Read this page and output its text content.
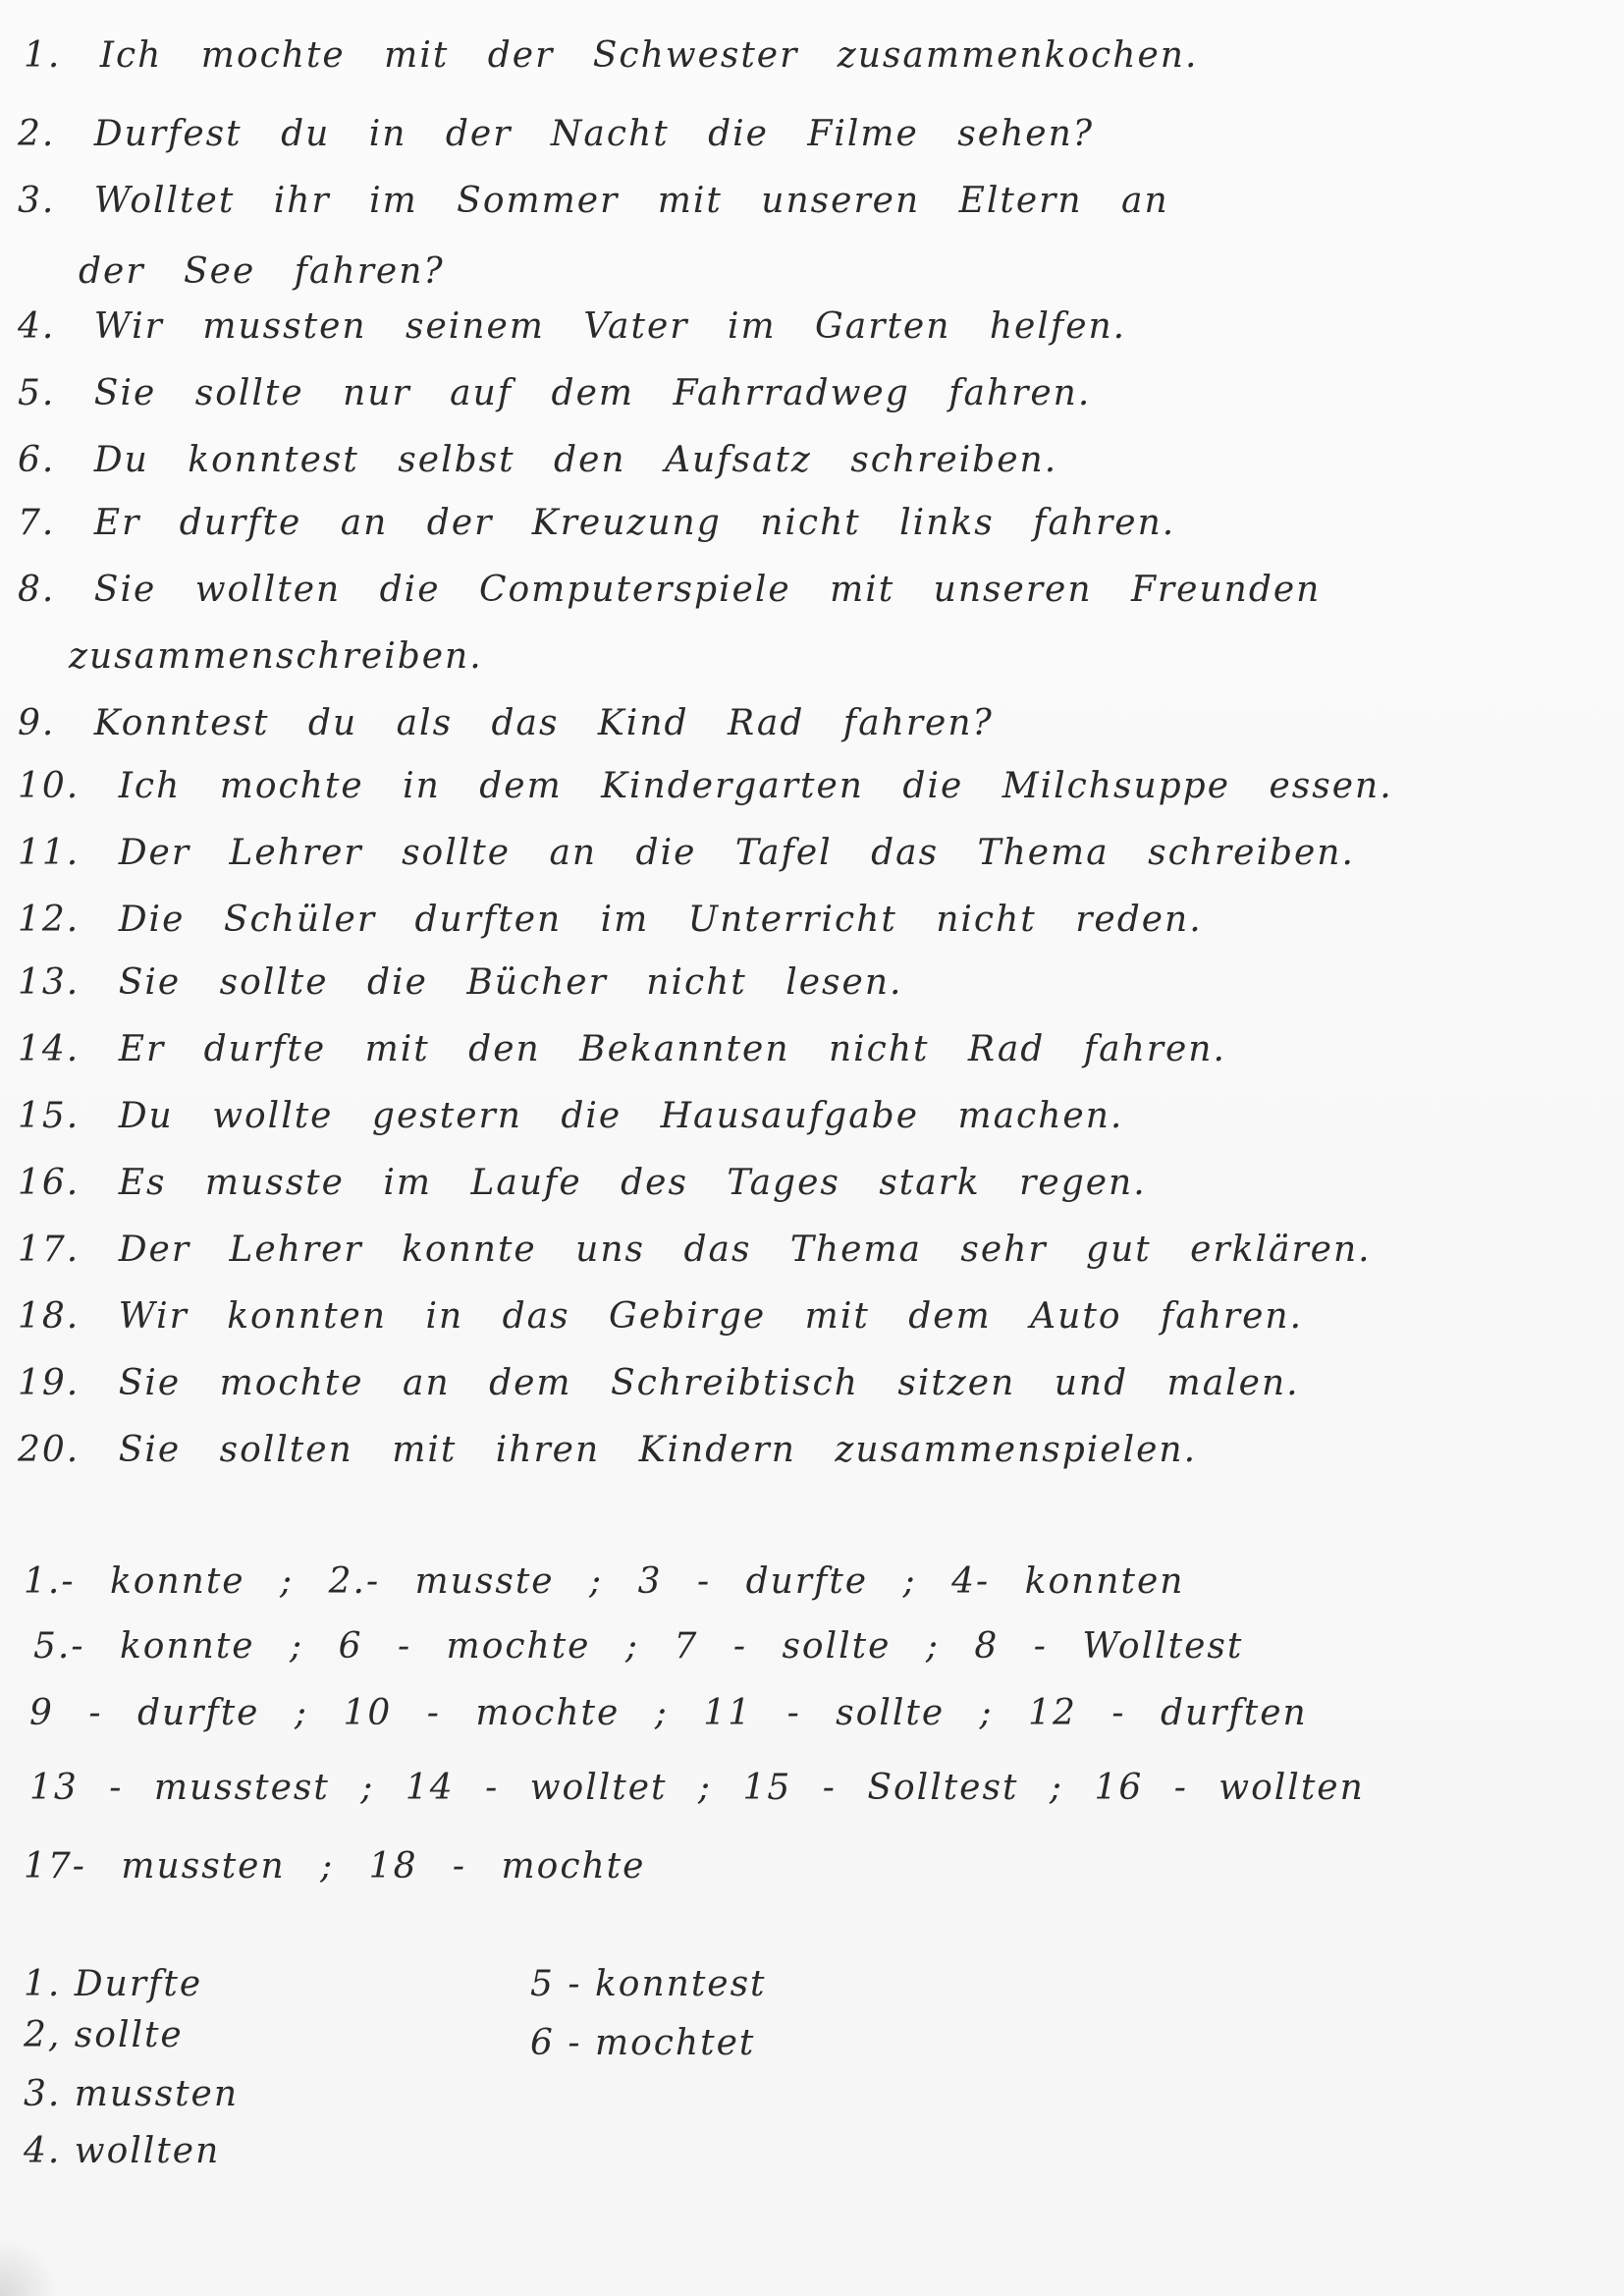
1. Ich mochte mit der Schwester zusammenkochen.
2. Durfest du in der Nacht die Filme sehen?
3. Wolltet ihr im Sommer mit unseren Eltern an
der See fahren?
4. Wir mussten seinem Vater im Garten helfen.
5. Sie sollte nur auf dem Fahrradweg fahren.
6. Du konntest selbst den Aufsatz schreiben.
7. Er durfte an der Kreuzung nicht links fahren.
8. Sie wollten die Computerspiele mit unseren Freunden
zusammenschreiben.
9. Konntest du als das Kind Rad fahren?
10. Ich mochte in dem Kindergarten die Milchsuppe essen.
11. Der Lehrer sollte an die Tafel das Thema schreiben.
12. Die Schüler durften im Unterricht nicht reden.
13. Sie sollte die Bücher nicht lesen.
14. Er durfte mit den Bekannten nicht Rad fahren.
15. Du wollte gestern die Hausaufgabe machen.
16. Es musste im Laufe des Tages stark regen.
17. Der Lehrer konnte uns das Thema sehr gut erklären.
18. Wir konnten in das Gebirge mit dem Auto fahren.
19. Sie mochte an dem Schreibtisch sitzen und malen.
20. Sie sollten mit ihren Kindern zusammenspielen.
1.- konnte ; 2.- musste ; 3 - durfte ; 4- konnten
5.- konnte ; 6 - mochte ; 7 - sollte ; 8 - Wolltest
9 - durfte ; 10 - mochte ; 11 - sollte ; 12 - durften
13 - musstest ; 14 - wolltet ; 15 - Solltest ; 16 - wollten
17- mussten ; 18 - mochte
1. Durfte
2, sollte
3. mussten
4. wollten
5 - konntest
6 - mochtet
